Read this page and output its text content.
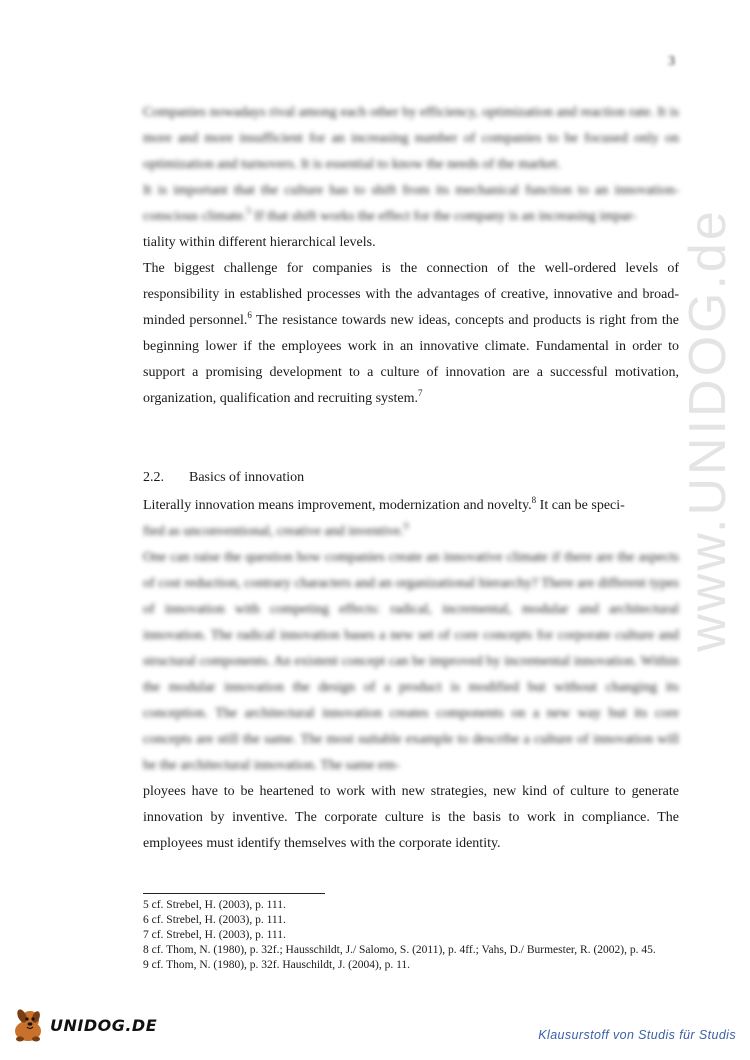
www.UNIDOG.de
3

Companies nowadays rival among each other by efficiency, optimization and reaction rate. It is more and more insufficient for an increasing number of companies to be focused only on optimization and turnovers. It is essential to know the needs of the market.

It is important that the culture has to shift from its mechanical function to an innovation-conscious climate.$^5$ If that shift works the effect for the company is an increasing impar-

tiality within different hierarchical levels.

The biggest challenge for companies is the connection of the well-ordered levels of responsibility in established processes with the advantages of creative, innovative and broad-minded personnel.$^6$ The resistance towards new ideas, concepts and products is right from the beginning lower if the employees work in an innovative climate. Fundamental in order to support a promising development to a culture of innovation are a successful motivation, organization, qualification and recruiting system.$^7$

2.2. Basics of innovation

Literally innovation means improvement, modernization and novelty.$^8$ It can be speci-

fied as unconventional, creative and inventive.$^9$

One can raise the question how companies create an innovative climate if there are the aspects of cost reduction, contrary characters and an organizational hierarchy? There are different types of innovation with competing effects: radical, incremental, modular and architectural innovation. The radical innovation bases a new set of core concepts for corporate culture and structural components. An existent concept can be improved by incremental innovation. Within the modular innovation the design of a product is modified but without changing its conception. The architectural innovation creates components on a new way but its core concepts are still the same. The most suitable example to describe a culture of innovation will be the architectural innovation. The same em-

ployees have to be heartened to work with new strategies, new kind of culture to generate innovation by inventive. The corporate culture is the basis to work in compliance. The employees must identify themselves with the corporate identity.

5 cf. Strebel, H. (2003), p. 111.
6 cf. Strebel, H. (2003), p. 111.
7 cf. Strebel, H. (2003), p. 111.
8 cf. Thom, N. (1980), p. 32f.; Hausschildt, J./ Salomo, S. (2011), p. 4ff.; Vahs, D./ Burmester, R. (2002), p. 45.
9 cf. Thom, N. (1980), p. 32f. Hauschildt, J. (2004), p. 11.
UNIDOG.DE
Klausurstoff von Studis für Studis
